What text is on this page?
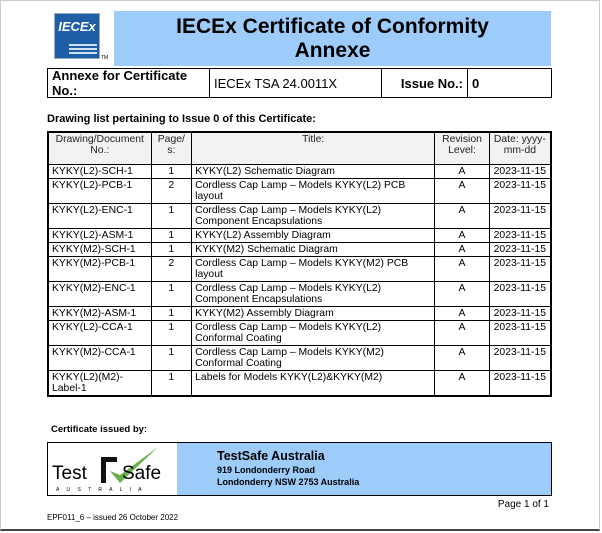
IECEx
TM
IECEx Certificate of Conformity
Annexe
Annexe for Certificate No.:	IECEx TSA 24.0011X	Issue No.: 0
Drawing list pertaining to Issue 0 of this Certificate:
Drawing/Document No.:	Page/ s:	Title:	Revision Level:	Date: yyyy-mm-dd
KYKY(L2)-SCH-1	1	KYKY(L2) Schematic Diagram	A	2023-11-15
KYKY(L2)-PCB-1	2	Cordless Cap Lamp – Models KYKY(L2) PCB layout	A	2023-11-15
KYKY(L2)-ENC-1	1	Cordless Cap Lamp – Models KYKY(L2) Component Encapsulations	A	2023-11-15
KYKY(L2)-ASM-1	1	KYKY(L2) Assembly Diagram	A	2023-11-15
KYKY(M2)-SCH-1	1	KYKY(M2) Schematic Diagram	A	2023-11-15
KYKY(M2)-PCB-1	2	Cordless Cap Lamp – Models KYKY(M2) PCB layout	A	2023-11-15
KYKY(M2)-ENC-1	1	Cordless Cap Lamp – Models KYKY(L2) Component Encapsulations	A	2023-11-15
KYKY(M2)-ASM-1	1	KYKY(M2) Assembly Diagram	A	2023-11-15
KYKY(L2)-CCA-1	1	Cordless Cap Lamp – Models KYKY(L2) Conformal Coating	A	2023-11-15
KYKY(M2)-CCA-1	1	Cordless Cap Lamp – Models KYKY(M2) Conformal Coating	A	2023-11-15
KYKY(L2)(M2)-Label-1	1	Labels for Models KYKY(L2)&KYKY(M2)	A	2023-11-15
Certificate issued by:
Test Safe
A U S T R A L I A
TestSafe Australia
919 Londonderry Road
Londonderry NSW 2753 Australia
Page 1 of 1
EPF011_6 – issued 26 October 2022
